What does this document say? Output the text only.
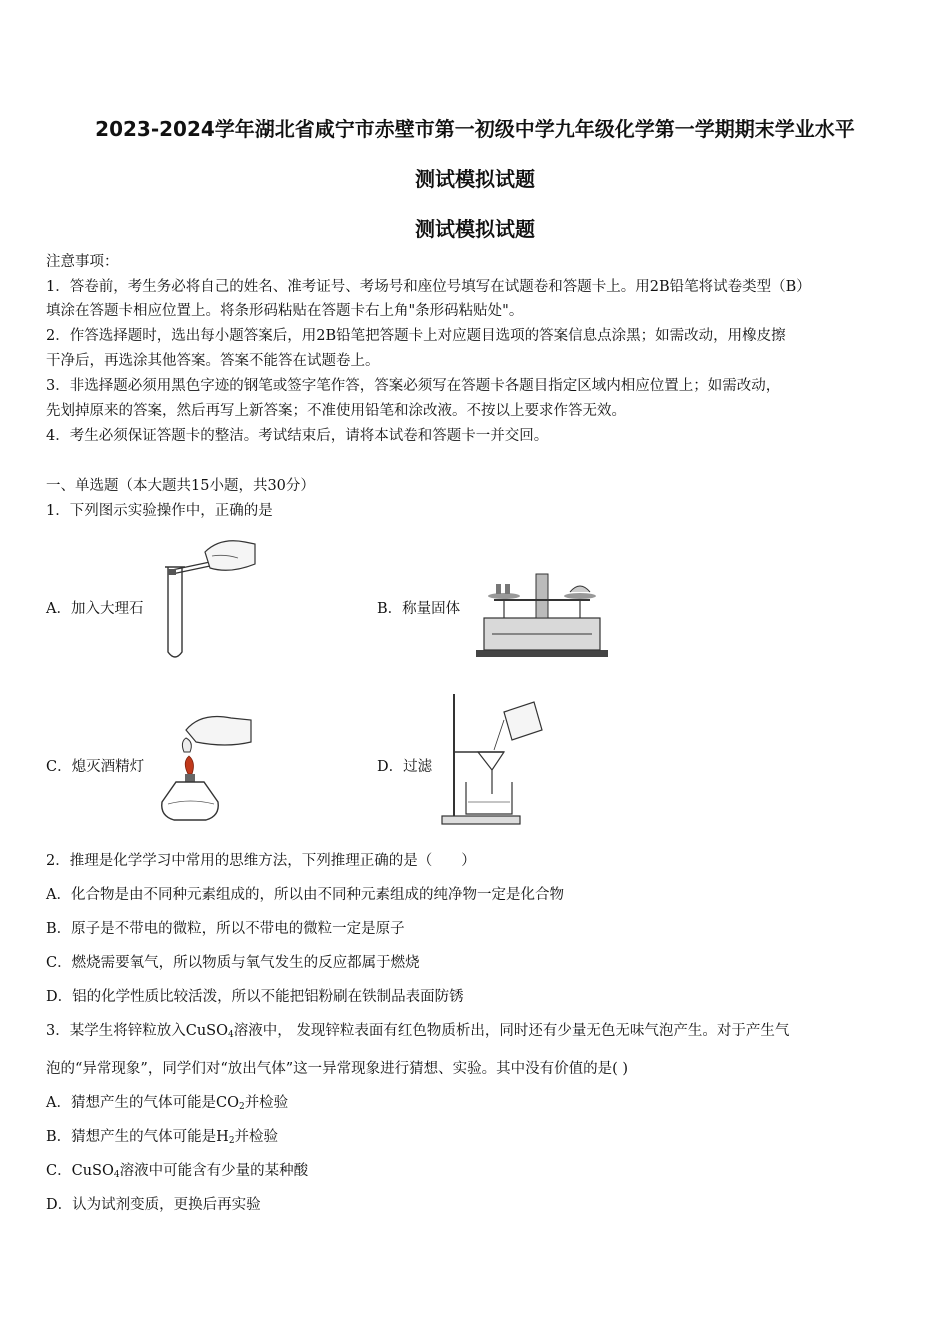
2023-2024学年湖北省咸宁市赤壁市第一初级中学九年级化学第一学期期末学业水平
测试模拟试题
测试模拟试题
注意事项：
1．答卷前，考生务必将自己的姓名、准考证号、考场号和座位号填写在试题卷和答题卡上。用2B铅笔将试卷类型（B）
填涂在答题卡相应位置上。将条形码粘贴在答题卡右上角"条形码粘贴处"。
2．作答选择题时，选出每小题答案后，用2B铅笔把答题卡上对应题目选项的答案信息点涂黑；如需改动，用橡皮擦
干净后，再选涂其他答案。答案不能答在试题卷上。
3．非选择题必须用黑色字迹的钢笔或签字笔作答，答案必须写在答题卡各题目指定区域内相应位置上；如需改动，
先划掉原来的答案，然后再写上新答案；不准使用铅笔和涂改液。不按以上要求作答无效。
4．考生必须保证答题卡的整洁。考试结束后，请将本试卷和答题卡一并交回。
一、单选题（本大题共15小题，共30分）
1．下列图示实验操作中，正确的是
A．加入大理石	B．称量固体
C．熄灭酒精灯	D．过滤
2．推理是化学学习中常用的思维方法，下列推理正确的是（　　）
A．化合物是由不同种元素组成的，所以由不同种元素组成的纯净物一定是化合物
B．原子是不带电的微粒，所以不带电的微粒一定是原子
C．燃烧需要氧气，所以物质与氧气发生的反应都属于燃烧
D．铝的化学性质比较活泼，所以不能把铝粉刷在铁制品表面防锈
3．某学生将锌粒放入CuSO$_4$溶液中， 发现锌粒表面有红色物质析出，同时还有少量无色无味气泡产生。对于产生气
泡的“异常现象”，同学们对“放出气体”这一异常现象进行猜想、实验。其中没有价值的是( )
A．猜想产生的气体可能是$CO_2$并检验
B．猜想产生的气体可能是$H_2$并检验
C．CuSO$_4$溶液中可能含有少量的某种酸
D．认为试剂变质，更换后再实验
